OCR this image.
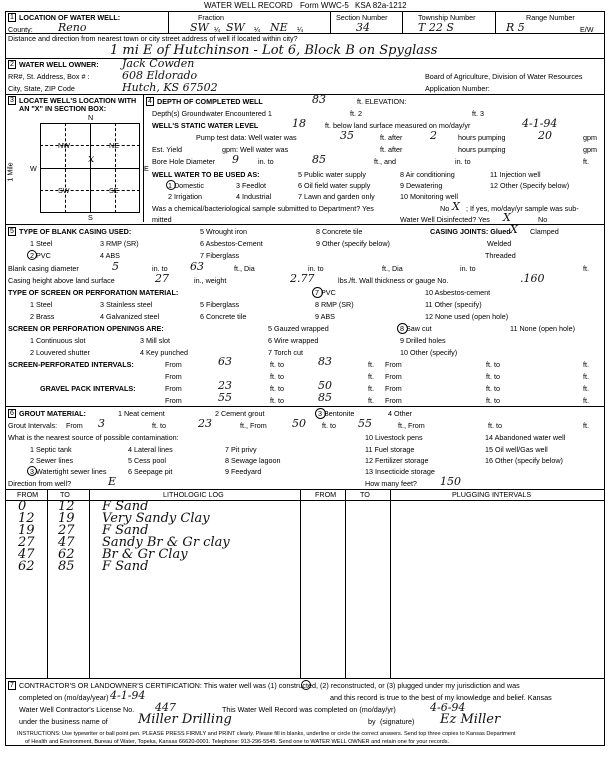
WATER WELL RECORD Form WWC-5 KSA 82a-1212
1 LOCATION OF WATER WELL:
County: Reno
Fraction
SW ¼ SW ¼ NE ¼
Section Number
34
Township Number
T 22 S
Range Number
R 5	E/W
Distance and direction from nearest town or city street address of well if located within city?
1 mi E of Hutchinson - Lot 6, Block B on Spyglass
2 WATER WELL OWNER: Jack Cowden
RR#, St. Address, Box # :	608 Eldorado
City, State, ZIP Code	Hutch, KS 67502
Board of Agriculture, Division of Water Resources
Application Number:
3 LOCATE WELL'S LOCATION WITH
AN "X" IN SECTION BOX:
N
S
W	E
1 Mile
NW	NE
SW	SE
x
4 DEPTH OF COMPLETED WELL	83	ft. ELEVATION:
Depth(s) Groundwater Encountered 1	ft. 2	ft. 3
WELL'S STATIC WATER LEVEL	18	ft. below land surface measured on mo/day/yr	4-1-94
Pump test data: Well water was	35	ft. after	2	hours pumping	20	gpm
Est. Yield	gpm: Well water was	ft. after	hours pumping	gpm
Bore Hole Diameter 9	in. to	85	ft., and	in. to	ft.
WELL WATER TO BE USED AS:
1 Domestic
2 Irrigation
3 Feedlot
4 Industrial
5 Public water supply
6 Oil field water supply
7 Lawn and garden only
8 Air conditioning
9 Dewatering
10 Monitoring well
11 Injection well
12 Other (Specify below)
Was a chemical/bacteriological sample submitted to Department? Yes	X
No ; If yes, mo/day/yr sample was sub-
mitted	Water Well Disinfected? Yes X	No
5 TYPE OF BLANK CASING USED:
1 Steel
2 PVC
3 RMP (SR)
4 ABS
5 Wrought iron
6 Asbestos-Cement
7 Fiberglass
8 Concrete tile
9 Other (specify below)
CASING JOINTS: Glued X Clamped
Welded
Threaded
Blank casing diameter	5	in. to 63	ft., Dia	in. to	ft., Dia	in. to	ft.
Casing height above land surface	27	in., weight	2.77	lbs./ft. Wall thickness or gauge No.	.160
TYPE OF SCREEN OR PERFORATION MATERIAL:
1 Steel
2 Brass
3 Stainless steel
4 Galvanized steel
5 Fiberglass
6 Concrete tile
7 PVC
8 RMP (SR)
9 ABS
10 Asbestos-cement
11 Other (specify)
12 None used (open hole)
SCREEN OR PERFORATION OPENINGS ARE:
1 Continuous slot
2 Louvered shutter
3 Mill slot
4 Key punched
5 Gauzed wrapped
6 Wire wrapped
7 Torch cut
8 Saw cut
9 Drilled holes
10 Other (specify)
11 None (open hole)
SCREEN-PERFORATED INTERVALS:	From	63	ft. to	83	ft. From	ft. to	ft.
From	ft. to	ft. From	ft. to	ft.
GRAVEL PACK INTERVALS:	From	23	ft. to	50	ft. From	ft. to	ft.
From	55	ft. to	85	ft. From	ft. to	ft.
6 GROUT MATERIAL:	1 Neat cement	2 Cement grout	3 Bentonite	4 Other
Grout Intervals: From 3	ft. to	23	ft., From 50 ft. to 55	ft., From	ft. to	ft.
What is the nearest source of possible contamination:
1 Septic tank
2 Sewer lines
3 Watertight sewer lines
4 Lateral lines
5 Cess pool
6 Seepage pit
7 Pit privy
8 Sewage lagoon
9 Feedyard
10 Livestock pens
11 Fuel storage
12 Fertilizer storage
13 Insecticide storage
14 Abandoned water well
15 Oil well/Gas well
16 Other (specify below)
Direction from well?	E	How many feet? 150
FROM	TO	LITHOLOGIC LOG	FROM	TO	PLUGGING INTERVALS
0 12 F Sand
12 19 Very Sandy Clay
19 27 F Sand
27 47 Sandy Br & Gr clay
47 62 Br & Gr Clay
62 85 F Sand
7 CONTRACTOR'S OR LANDOWNER'S CERTIFICATION: This water well was (1) constructed, (2) reconstructed, or (3) plugged under my jurisdiction and was
completed on (mo/day/year) 4-1-94	and this record is true to the best of my knowledge and belief. Kansas
Water Well Contractor's License No. 447	This Water Well Record was completed on (mo/day/yr)	4-6-94
under the business name of Miller Drilling	by (signature) Ez Miller
INSTRUCTIONS: Use typewriter or ball point pen. PLEASE PRESS FIRMLY and PRINT clearly. Please fill in blanks, underline or circle the correct answers. Send top three copies to Kansas Department
of Health and Environment, Bureau of Water, Topeka, Kansas 66620-0001. Telephone: 913-296-5545. Send one to WATER WELL OWNER and retain one for your records.
